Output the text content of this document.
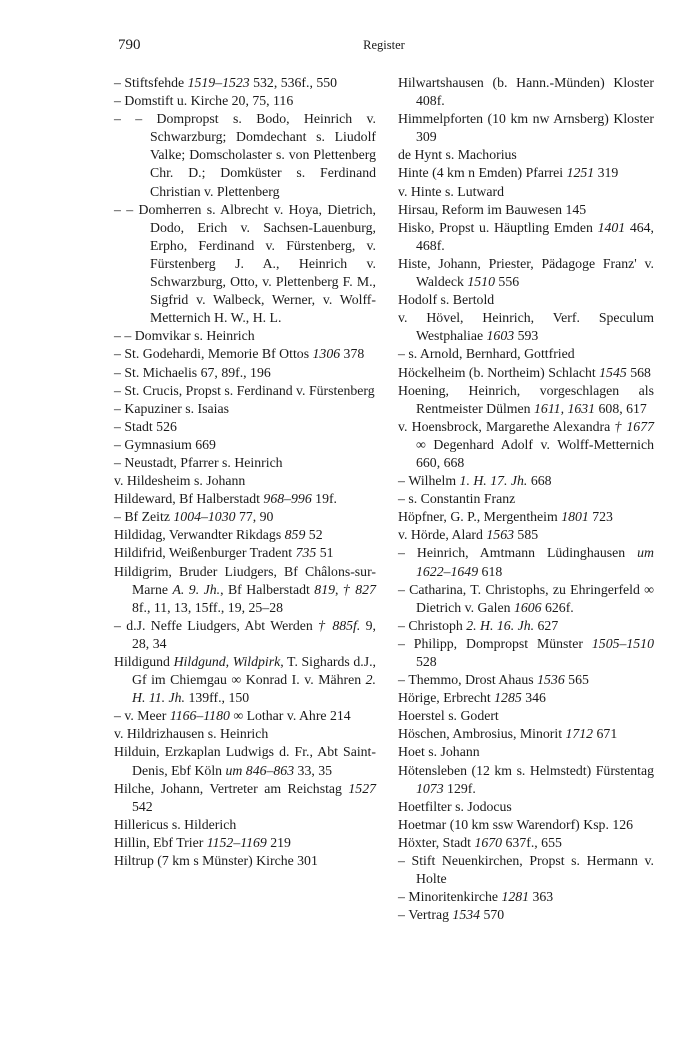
790	Register
– Stiftsfehde 1519–1523 532, 536f., 550
– Domstift u. Kirche 20, 75, 116
– – Dompropst s. Bodo, Heinrich v. Schwarzburg; Domdechant s. Liudolf Valke; Domscholaster s. von Plettenberg Chr. D.; Domküster s. Ferdinand Christian v. Plettenberg
– – Domherren s. Albrecht v. Hoya, Dietrich, Dodo, Erich v. Sachsen-Lauenburg, Erpho, Ferdinand v. Fürstenberg, v. Fürstenberg J. A., Heinrich v. Schwarzburg, Otto, v. Plettenberg F. M., Sigfrid v. Walbeck, Werner, v. Wolff-Metternich H. W., H. L.
– – Domvikar s. Heinrich
– St. Godehardi, Memorie Bf Ottos 1306 378
– St. Michaelis 67, 89f., 196
– St. Crucis, Propst s. Ferdinand v. Fürstenberg
– Kapuziner s. Isaias
– Stadt 526
– Gymnasium 669
– Neustadt, Pfarrer s. Heinrich
v. Hildesheim s. Johann
Hildeward, Bf Halberstadt 968–996 19f.
– Bf Zeitz 1004–1030 77, 90
Hildidag, Verwandter Rikdags 859 52
Hildifrid, Weißenburger Tradent 735 51
Hildigrim, Bruder Liudgers, Bf Châlons-sur-Marne A. 9. Jh., Bf Halberstadt 819, † 827 8f., 11, 13, 15ff., 19, 25–28
– d.J. Neffe Liudgers, Abt Werden † 885f. 9, 28, 34
Hildigund Hildgund, Wildpirk, T. Sighards d.J., Gf im Chiemgau ∞ Konrad I. v. Mähren 2. H. 11. Jh. 139ff., 150
– v. Meer 1166–1180 ∞ Lothar v. Ahre 214
v. Hildrizhausen s. Heinrich
Hilduin, Erzkaplan Ludwigs d. Fr., Abt Saint-Denis, Ebf Köln um 846–863 33, 35
Hilche, Johann, Vertreter am Reichstag 1527 542
Hillericus s. Hilderich
Hillin, Ebf Trier 1152–1169 219
Hiltrup (7 km s Münster) Kirche 301
Hilwartshausen (b. Hann.-Münden) Kloster 408f.
Himmelpforten (10 km nw Arnsberg) Kloster 309
de Hynt s. Machorius
Hinte (4 km n Emden) Pfarrei 1251 319
v. Hinte s. Lutward
Hirsau, Reform im Bauwesen 145
Hisko, Propst u. Häuptling Emden 1401 464, 468f.
Histe, Johann, Priester, Pädagoge Franz' v. Waldeck 1510 556
Hodolf s. Bertold
v. Hövel, Heinrich, Verf. Speculum Westphaliae 1603 593
– s. Arnold, Bernhard, Gottfried
Höckelheim (b. Northeim) Schlacht 1545 568
Hoening, Heinrich, vorgeschlagen als Rentmeister Dülmen 1611, 1631 608, 617
v. Hoensbrock, Margarethe Alexandra † 1677 ∞ Degenhard Adolf v. Wolff-Metternich 660, 668
– Wilhelm 1. H. 17. Jh. 668
– s. Constantin Franz
Höpfner, G. P., Mergentheim 1801 723
v. Hörde, Alard 1563 585
– Heinrich, Amtmann Lüdinghausen um 1622–1649 618
– Catharina, T. Christophs, zu Ehringerfeld ∞ Dietrich v. Galen 1606 626f.
– Christoph 2. H. 16. Jh. 627
– Philipp, Dompropst Münster 1505–1510 528
– Themmo, Drost Ahaus 1536 565
Hörige, Erbrecht 1285 346
Hoerstel s. Godert
Höschen, Ambrosius, Minorit 1712 671
Hoet s. Johann
Hötensleben (12 km s. Helmstedt) Fürstentag 1073 129f.
Hoetfilter s. Jodocus
Hoetmar (10 km ssw Warendorf) Ksp. 126
Höxter, Stadt 1670 637f., 655
– Stift Neuenkirchen, Propst s. Hermann v. Holte
– Minoritenkirche 1281 363
– Vertrag 1534 570
